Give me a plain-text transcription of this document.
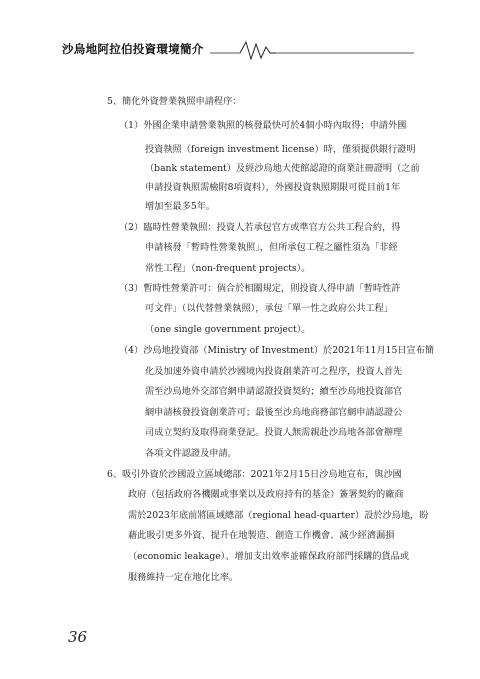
沙烏地阿拉伯投資環境簡介
5、簡化外資營業執照申請程序：
（1）外國企業申請營業執照的核發最快可於4個小時內取得；申請外國
投資執照（foreign investment license）時，僅須提供銀行證明
（bank statement）及經沙烏地大使館認證的商業註冊證明（之前
申請投資執照需檢附8項資料），外國投資執照期限可從目前1年
增加至最多5年。
（2）臨時性營業執照：投資人若承包官方或準官方公共工程合約，得
申請核發「暫時性營業執照」，但所承包工程之屬性須為「非經
常性工程」（non-frequent projects）。
（3）暫時性營業許可：倘合於相關規定，則投資人得申請「暫時性許
可文件」（以代替營業執照），承包「單一性之政府公共工程」
（one single government project）。
（4）沙烏地投資部（Ministry of Investment）於2021年11月15日宣布簡
化及加速外資申請於沙國境內投資創業許可之程序，投資人首先
需至沙烏地外交部官網申請認證投資契約；續至沙烏地投資部官
網申請核發投資創業許可；最後至沙烏地商務部官網申請認證公
司成立契約及取得商業登記。投資人無需親赴沙烏地各部會辦理
各項文件認證及申請。
6、吸引外資於沙國設立區域總部：2021年2月15日沙烏地宣布，與沙國
政府（包括政府各機關或事業以及政府持有的基金）簽署契約的廠商
需於2023年底前將區域總部（regional head-quarter）設於沙烏地，盼
藉此吸引更多外資、提升在地製造、創造工作機會、減少經濟漏損
（economic leakage）、增加支出效率並確保政府部門採購的貨品或
服務維持一定在地化比率。
36
